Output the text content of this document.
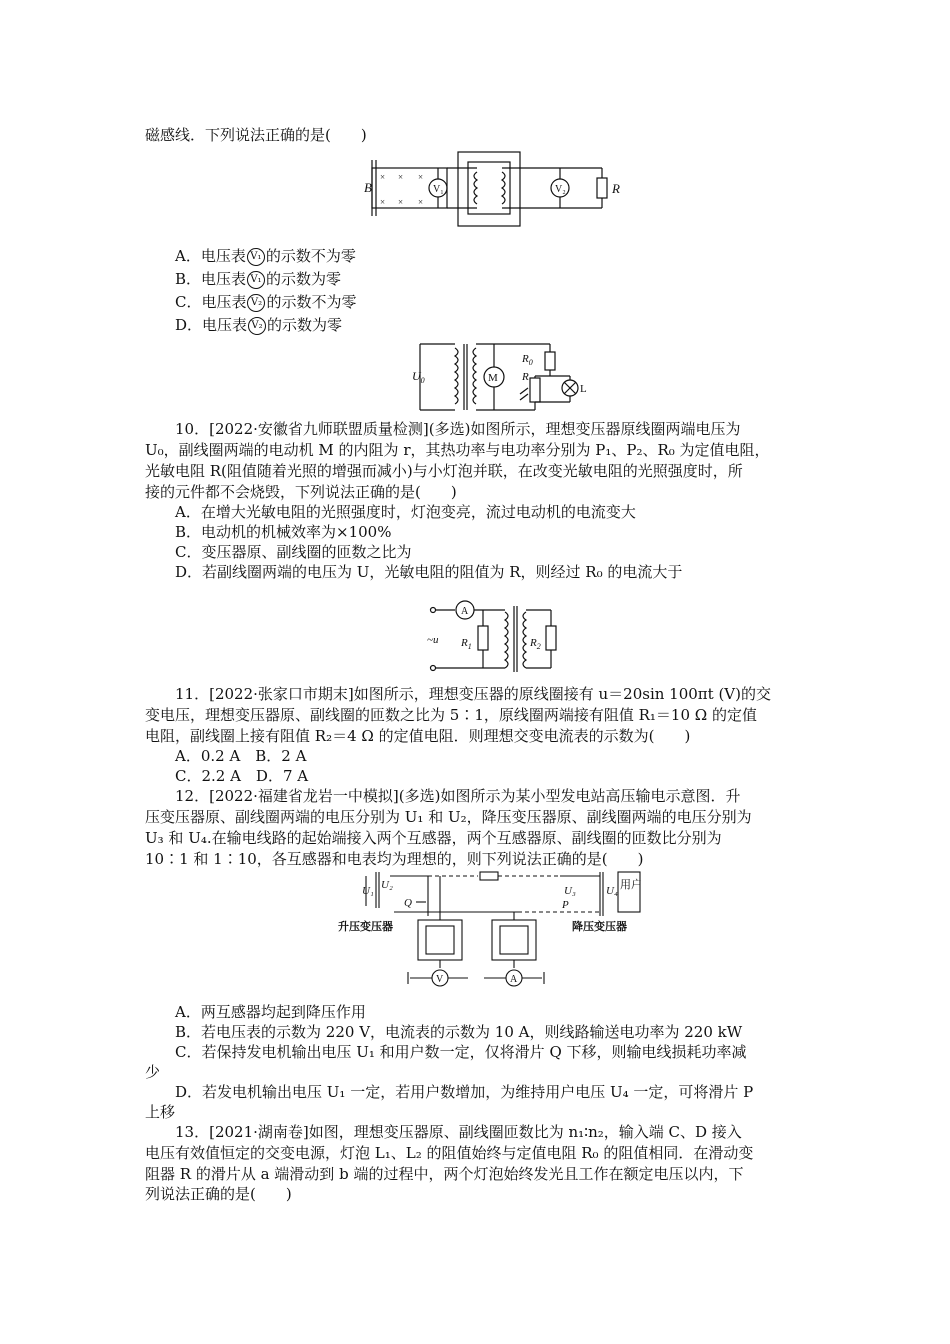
磁感线．下列说法正确的是(　　)
B
× × ×
× × ×
V₁	V₂	R
A．电压表 V₁ 的示数不为零
B．电压表 V₁ 的示数为零
C．电压表 V₂ 的示数不为零
D．电压表 V₂ 的示数为零
$U_0$	M
$R_0$
R
L
10．[2022·安徽省九师联盟质量检测](多选)如图所示，理想变压器原线圈两端电压为
U₀，副线圈两端的电动机 M 的内阻为 r，其热功率与电功率分别为 P₁、P₂、R₀ 为定值电阻，
光敏电阻 R(阻值随着光照的增强而减小)与小灯泡并联，在改变光敏电阻的光照强度时，所
接的元件都不会烧毁，下列说法正确的是(　　)
A．在增大光敏电阻的光照强度时，灯泡变亮，流过电动机的电流变大
B．电动机的机械效率为×100%
C．变压器原、副线圈的匝数之比为
D．若副线圈两端的电压为 U，光敏电阻的阻值为 R，则经过 R₀ 的电流大于
A
~u $R_1$	$R_2$
11．[2022·张家口市期末]如图所示，理想变压器的原线圈接有 u＝20sin 100πt (V)的交
变电压，理想变压器原、副线圈的匝数之比为 5∶1，原线圈两端接有阻值 R₁＝10 Ω 的定值
电阻，副线圈上接有阻值 R₂＝4 Ω 的定值电阻．则理想交变电流表的示数为(　　)
A．0.2 A　B．2 A
C．2.2 A　D．7 A
12．[2022·福建省龙岩一中模拟](多选)如图所示为某小型发电站高压输电示意图．升
压变压器原、副线圈两端的电压分别为 U₁ 和 U₂，降压变压器原、副线圈两端的电压分别为
U₃ 和 U₄.在输电线路的起始端接入两个互感器，两个互感器原、副线圈的匝数比分别为
10∶1 和 1∶10，各互感器和电表均为理想的，则下列说法正确的是(　　)
U₁ U₂
Q
升压变压器
U₃	U₄
P
用户
降压变压器
V	A
A．两互感器均起到降压作用
B．若电压表的示数为 220 V，电流表的示数为 10 A，则线路输送电功率为 220 kW
C．若保持发电机输出电压 U₁ 和用户数一定，仅将滑片 Q 下移，则输电线损耗功率减
少
D．若发电机输出电压 U₁ 一定，若用户数增加，为维持用户电压 U₄ 一定，可将滑片 P
上移
13．[2021·湖南卷]如图，理想变压器原、副线圈匝数比为 n₁∶n₂，输入端 C、D 接入
电压有效值恒定的交变电源，灯泡 L₁、L₂ 的阻值始终与定值电阻 R₀ 的阻值相同．在滑动变
阻器 R 的滑片从 a 端滑动到 b 端的过程中，两个灯泡始终发光且工作在额定电压以内，下
列说法正确的是(　　)
